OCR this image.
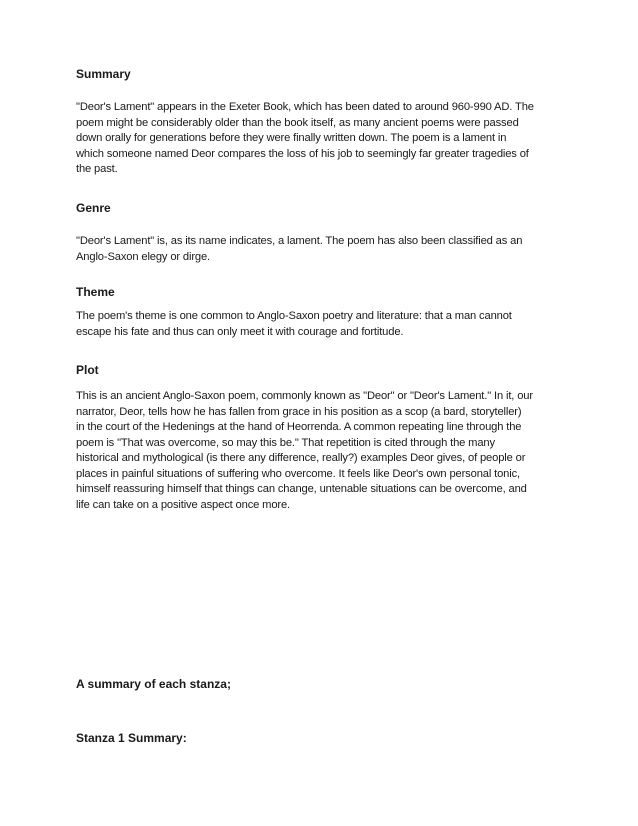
Summary

"Deor's Lament" appears in the Exeter Book, which has been dated to around 960-990 AD. The
poem might be considerably older than the book itself, as many ancient poems were passed
down orally for generations before they were finally written down. The poem is a lament in
which someone named Deor compares the loss of his job to seemingly far greater tragedies of
the past.

Genre

"Deor's Lament" is, as its name indicates, a lament. The poem has also been classified as an
Anglo-Saxon elegy or dirge.

Theme

The poem's theme is one common to Anglo-Saxon poetry and literature: that a man cannot
escape his fate and thus can only meet it with courage and fortitude.

Plot

This is an ancient Anglo-Saxon poem, commonly known as "Deor" or "Deor's Lament." In it, our
narrator, Deor, tells how he has fallen from grace in his position as a scop (a bard, storyteller)
in the court of the Hedenings at the hand of Heorrenda. A common repeating line through the
poem is "That was overcome, so may this be." That repetition is cited through the many
historical and mythological (is there any difference, really?) examples Deor gives, of people or
places in painful situations of suffering who overcome. It feels like Deor's own personal tonic,
himself reassuring himself that things can change, untenable situations can be overcome, and
life can take on a positive aspect once more.

A summary of each stanza;

Stanza 1 Summary:
